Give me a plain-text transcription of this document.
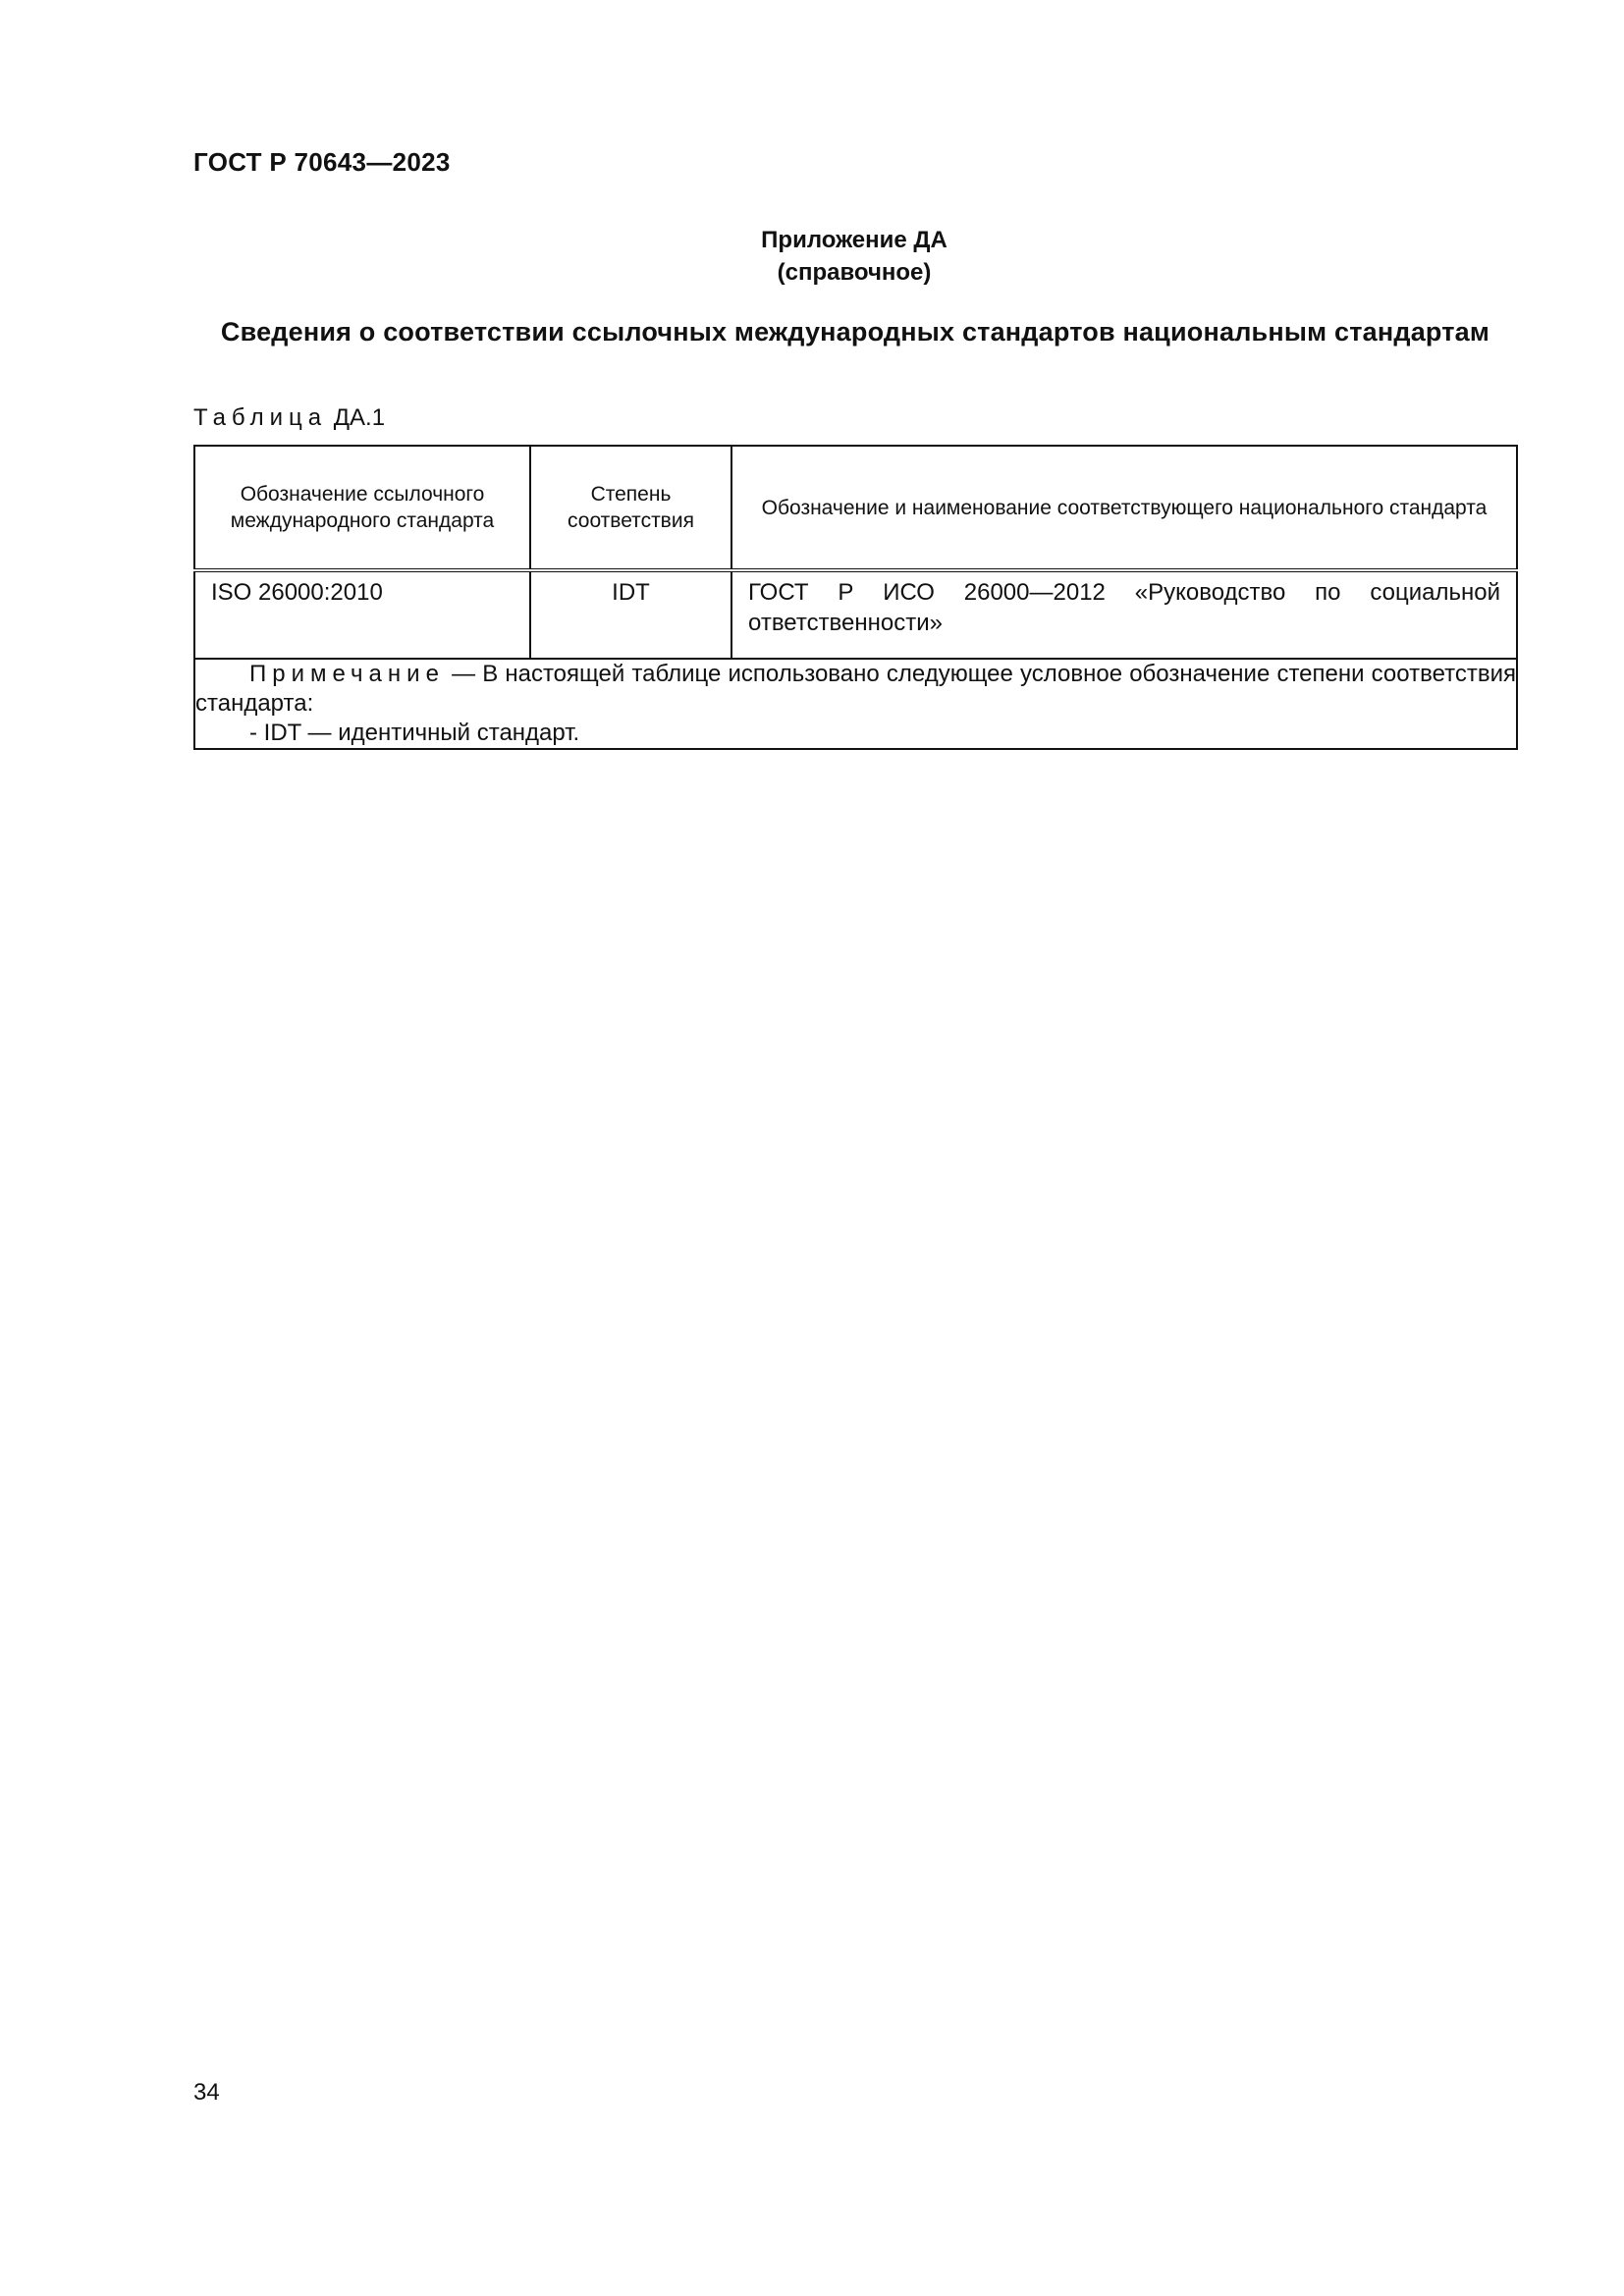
ГОСТ Р 70643—2023
Приложение ДА
(справочное)
Сведения о соответствии ссылочных международных стандартов национальным стандартам
Таблица ДА.1
Обозначение ссылочного международного стандарта	Степень соответствия	Обозначение и наименование соответствующего национального стандарта

ISO 26000:2010	IDT	ГОСТ Р ИСО 26000—2012 «Руководство по социальной ответственности»

Примечание — В настоящей таблице использовано следующее условное обозначение степени соответствия стандарта:
- IDT — идентичный стандарт.		
34
